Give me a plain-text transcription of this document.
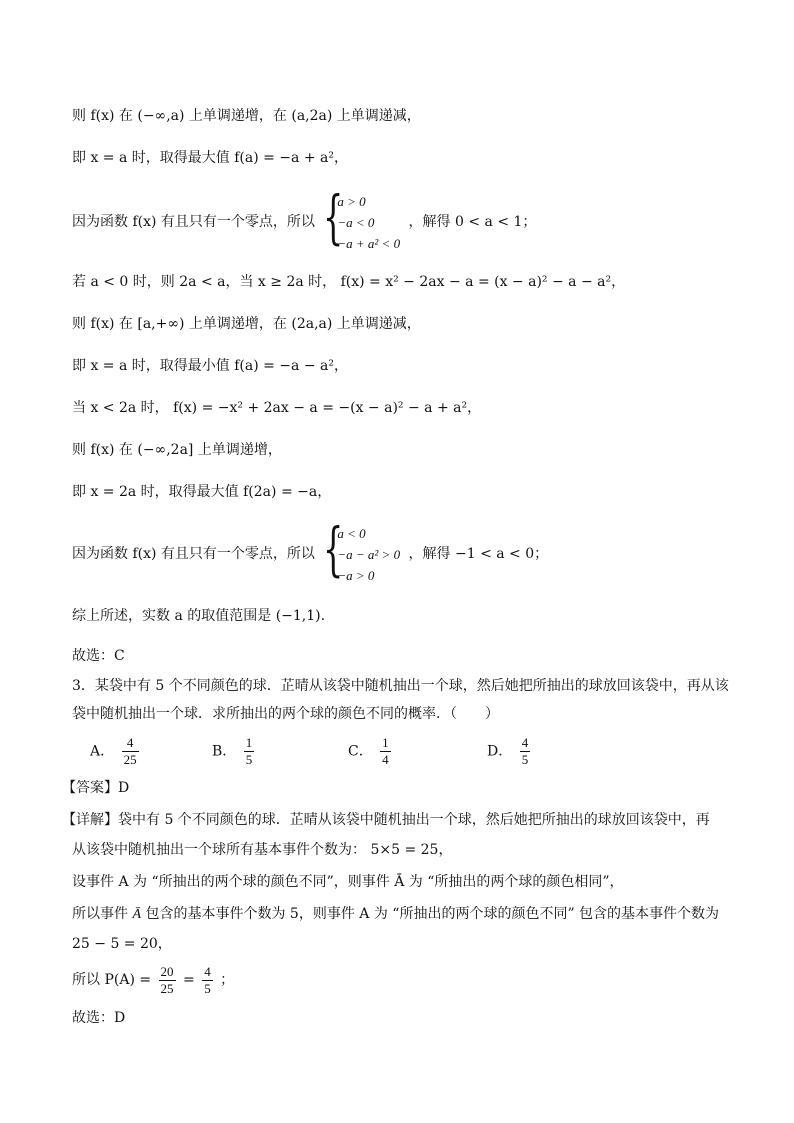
则 f(x) 在 (−∞,a) 上单调递增，在 (a,2a) 上单调递减，
即 x = a 时，取得最大值 f(a) = −a + a²，
因为函数 f(x) 有且只有一个零点，所以 {
a > 0
−a < 0
−a + a² < 0
，解得 0 < a < 1；
若 a < 0 时，则 2a < a，当 x ≥ 2a 时， f(x) = x² − 2ax − a = (x − a)² − a − a²，
则 f(x) 在 [a,+∞) 上单调递增，在 (2a,a) 上单调递减，
即 x = a 时，取得最小值 f(a) = −a − a²，
当 x < 2a 时， f(x) = −x² + 2ax − a = −(x − a)² − a + a²，
则 f(x) 在 (−∞,2a] 上单调递增，
即 x = 2a 时，取得最大值 f(2a) = −a，
因为函数 f(x) 有且只有一个零点，所以 {
a < 0
−a − a² > 0
−a > 0
，解得 −1 < a < 0；
综上所述，实数 a 的取值范围是 (−1,1).
故选：C
3．某袋中有 5 个不同颜色的球．芷晴从该袋中随机抽出一个球，然后她把所抽出的球放回该袋中，再从该
袋中随机抽出一个球．求所抽出的两个球的颜色不同的概率．（　　）
A． $\frac{4}{25}$	B． $\frac{1}{5}$	C． $\frac{1}{4}$	D． $\frac{4}{5}$
【答案】D
【详解】袋中有 5 个不同颜色的球．芷晴从该袋中随机抽出一个球，然后她把所抽出的球放回该袋中，再
从该袋中随机抽出一个球所有基本事件个数为： 5×5 = 25，
设事件 A 为 “所抽出的两个球的颜色不同”，则事件 Ā 为 “所抽出的两个球的颜色相同”，
所以事件 Ā 包含的基本事件个数为 5，则事件 A 为 “所抽出的两个球的颜色不同” 包含的基本事件个数为
25 − 5 = 20，
所以 $P(A) = \frac{20}{25} = \frac{4}{5}$ ；
故选：D
